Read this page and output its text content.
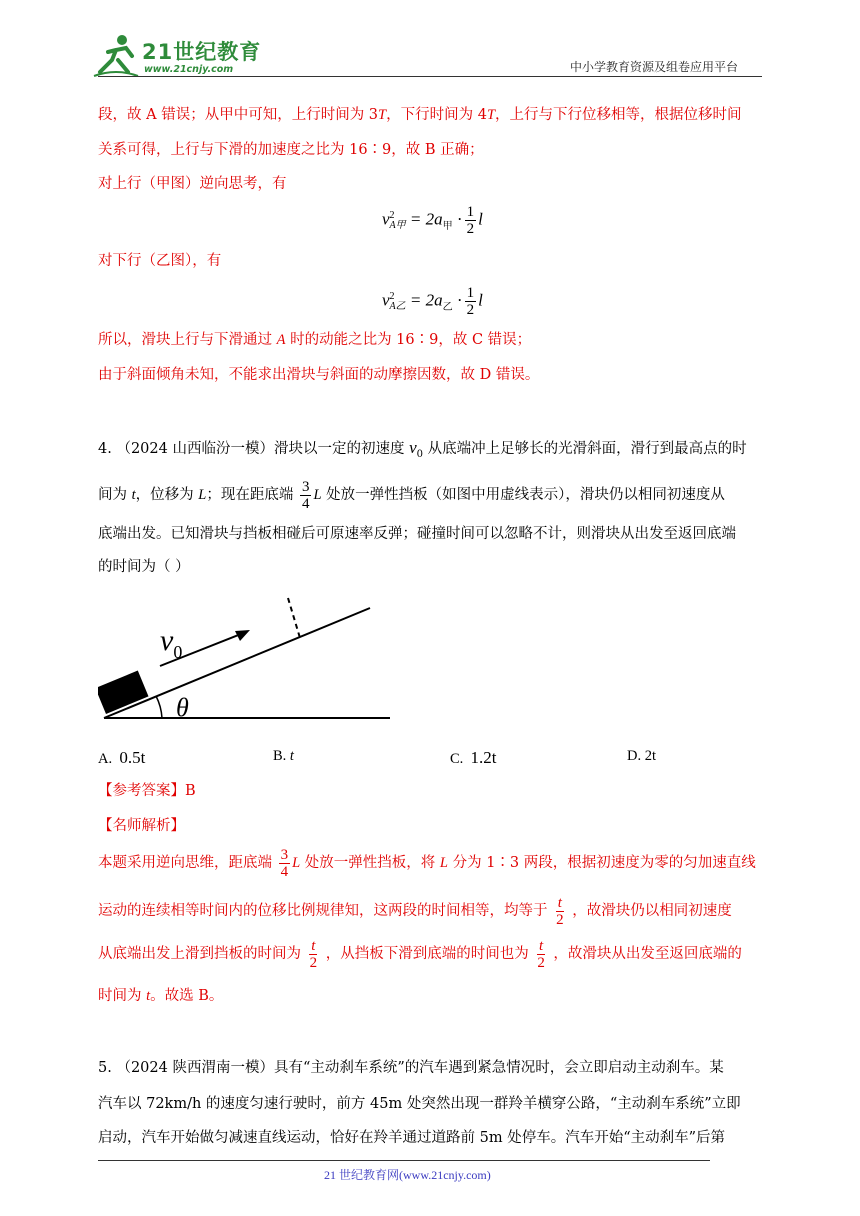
21世纪教育
www.21cnjy.com	中小学教育资源及组卷应用平台
段，故 A 错误；从甲中可知，上行时间为 3T，下行时间为 4T，上行与下行位移相等，根据位移时间
关系可得，上行与下滑的加速度之比为 16∶9，故 B 正确；
对上行（甲图）逆向思考，有
v 2
A甲 = $2a_甲 \cdot \frac{1}{2}$ l
对下行（乙图），有
v 2
A乙 = $2a_乙 \cdot \frac{1}{2}$ l
所以，滑块上行与下滑通过 A 时的动能之比为 16∶9，故 C 错误；
由于斜面倾角未知，不能求出滑块与斜面的动摩擦因数，故 D 错误。
4. （2024 山西临汾一模）滑块以一定的初速度 $v_0$ 从底端冲上足够长的光滑斜面，滑行到最高点的时
间为 t，位移为 L；现在距底端 $\frac{3}{4}$ L 处放一弹性挡板（如图中用虚线表示），滑块仍以相同初速度从
底端出发。已知滑块与挡板相碰后可原速率反弹；碰撞时间可以忽略不计，则滑块从出发至返回底端
的时间为（ ）
$v_0$
θ
A. 0.5t	B. t	C. 1.2t	D. 2t
【参考答案】B
【名师解析】
本题采用逆向思维，距底端 $\frac{3}{4}$ L 处放一弹性挡板，将 L 分为 1∶3 两段，根据初速度为零的匀加速直线
运动的连续相等时间内的位移比例规律知，这两段的时间相等，均等于 $\frac{t}{2}$ ，故滑块仍以相同初速度
从底端出发上滑到挡板的时间为 $\frac{t}{2}$ ，从挡板下滑到底端的时间也为 $\frac{t}{2}$ ，故滑块从出发至返回底端的
时间为 t。故选 B。
5. （2024 陕西渭南一模）具有“主动刹车系统”的汽车遇到紧急情况时，会立即启动主动刹车。某
汽车以 72km/h 的速度匀速行驶时，前方 45m 处突然出现一群羚羊横穿公路，“主动刹车系统”立即
启动，汽车开始做匀减速直线运动，恰好在羚羊通过道路前 5m 处停车。汽车开始“主动刹车”后第
21 世纪教育网(www.21cnjy.com)
